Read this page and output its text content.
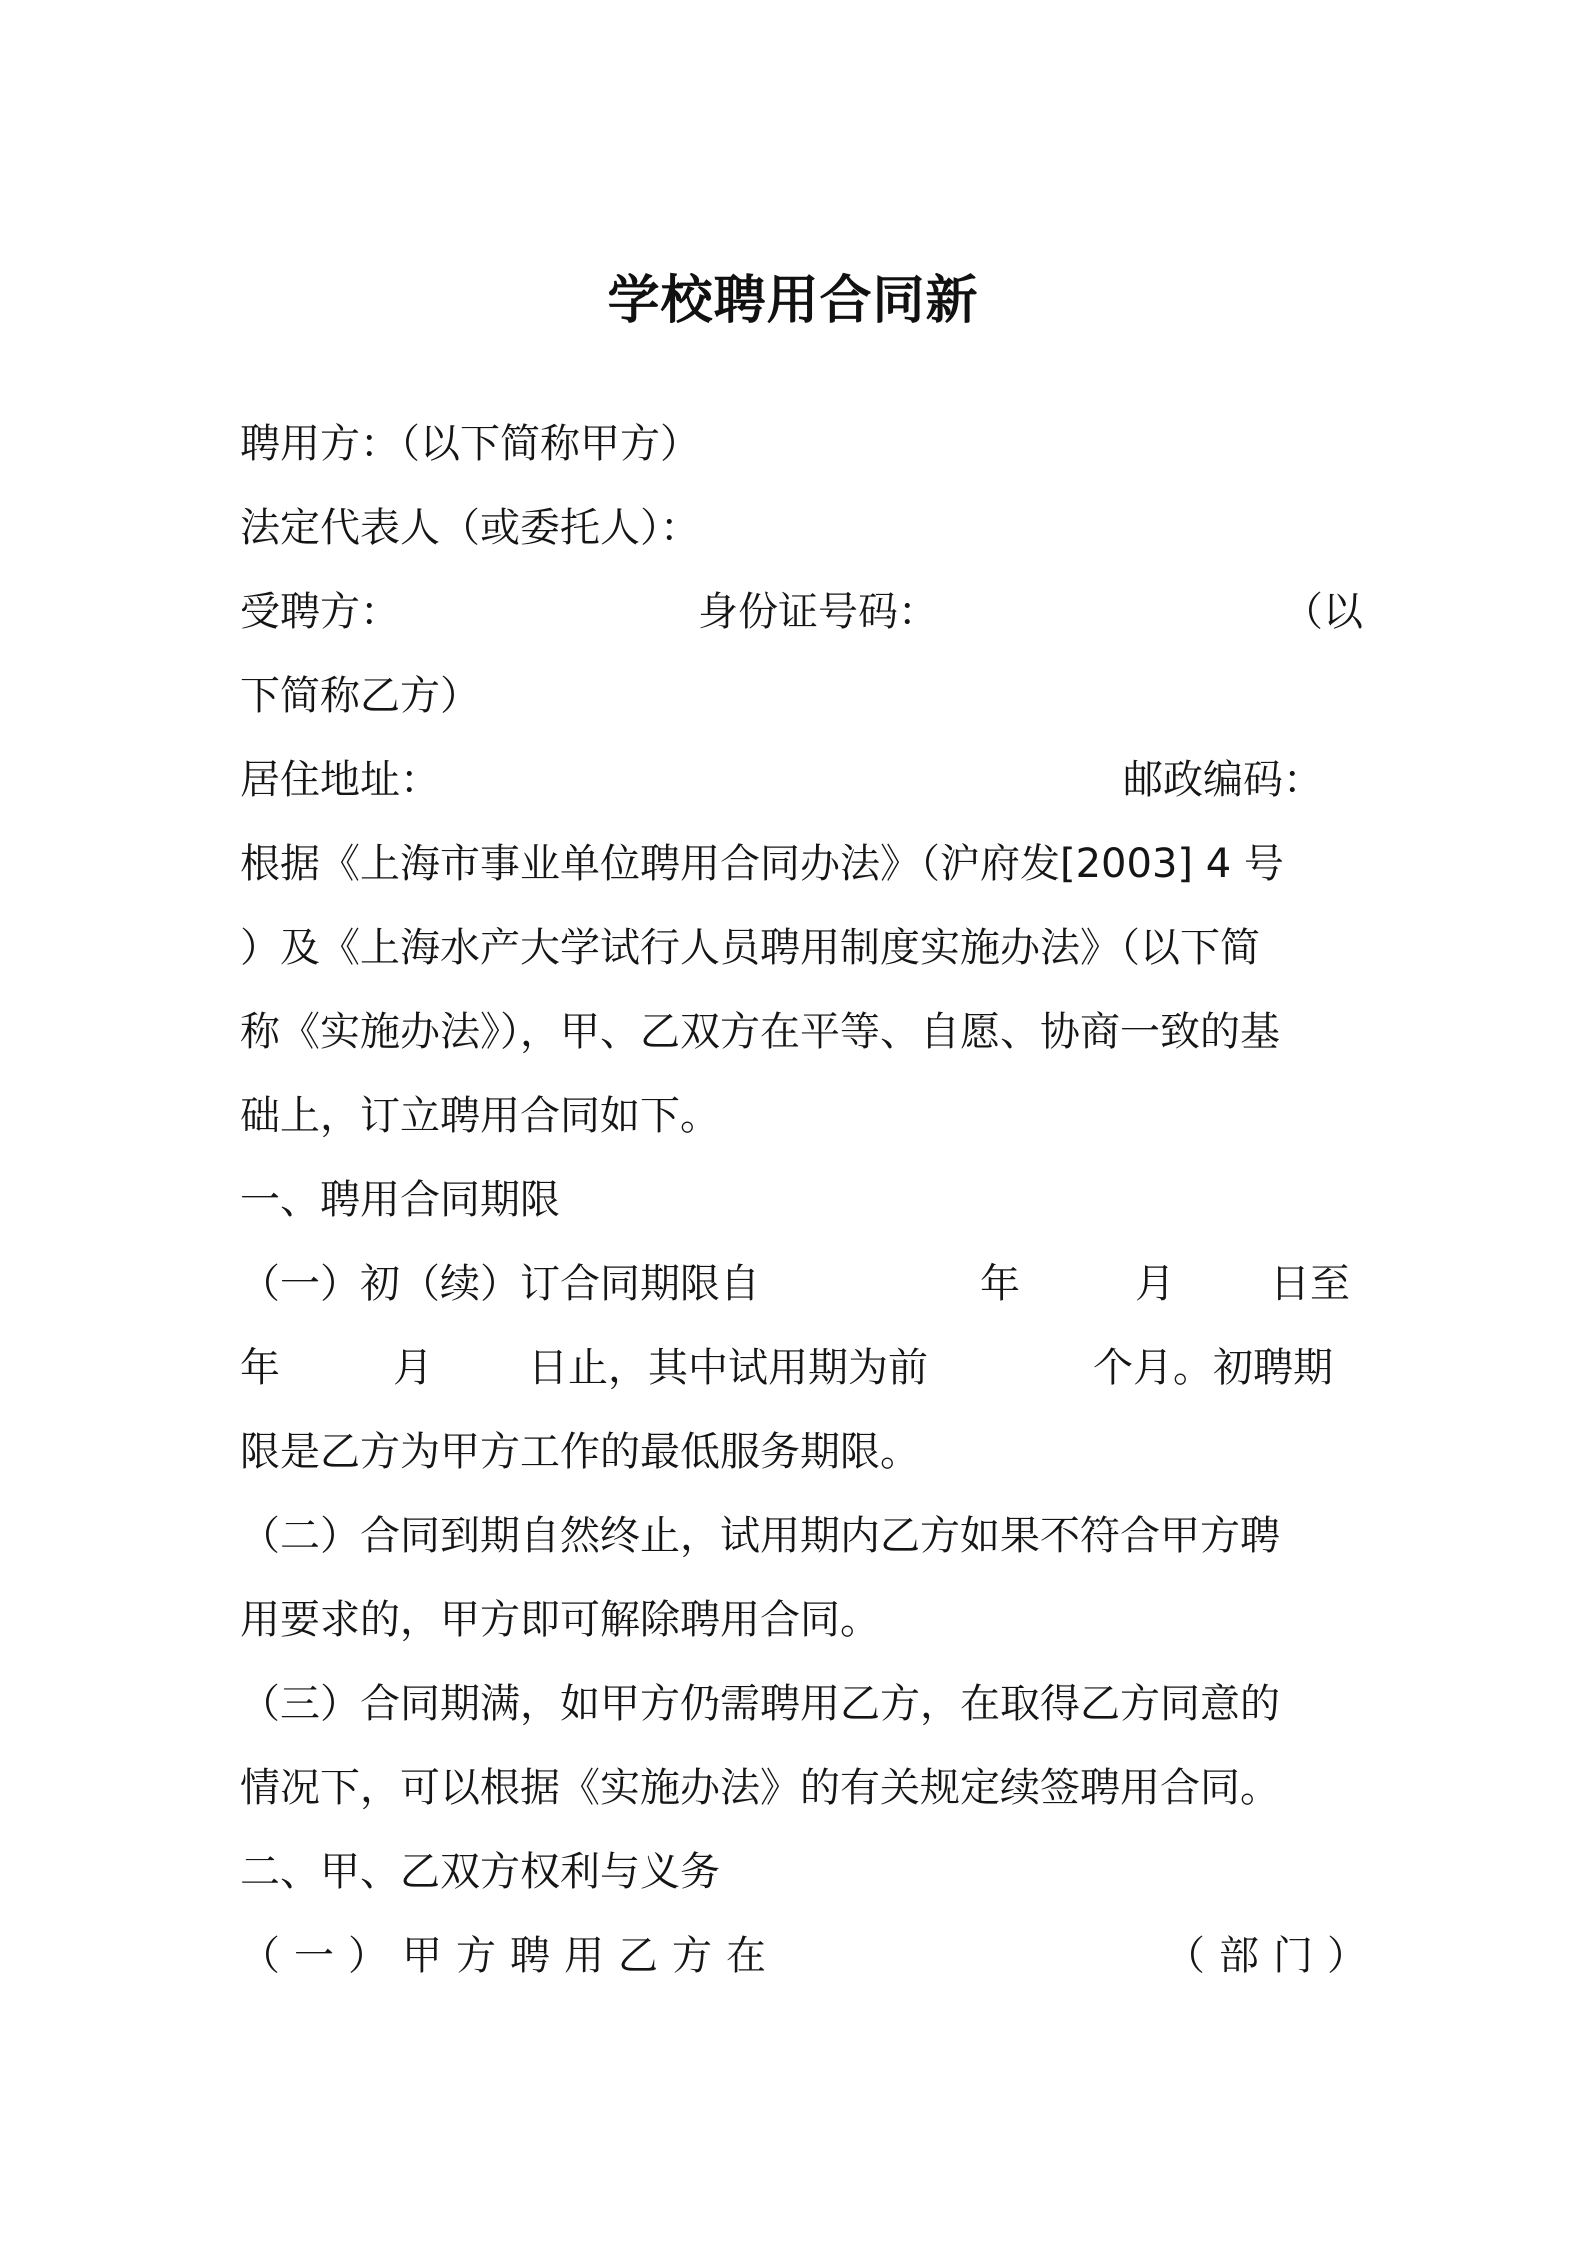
学校聘用合同新
聘用方：（以下简称甲方）
法定代表人（或委托人）：
受聘方：	身份证号码：	（以
下简称乙方）
居住地址：	邮政编码：
根据《上海市事业单位聘用合同办法》（沪府发[2003] 4 号
）及《上海水产大学试行人员聘用制度实施办法》（以下简
称《实施办法》），甲、乙双方在平等、自愿、协商一致的基
础上，订立聘用合同如下。
一、聘用合同期限
（一）初（续）订合同期限自	年	月 日至
年	月 日止，其中试用期为前	个月。初聘期
限是乙方为甲方工作的最低服务期限。
（二）合同到期自然终止，试用期内乙方如果不符合甲方聘
用要求的，甲方即可解除聘用合同。
（三）合同期满，如甲方仍需聘用乙方，在取得乙方同意的
情况下，可以根据《实施办法》的有关规定续签聘用合同。
二、甲、乙双方权利与义务
（一）甲方聘用乙方在	（部门）
